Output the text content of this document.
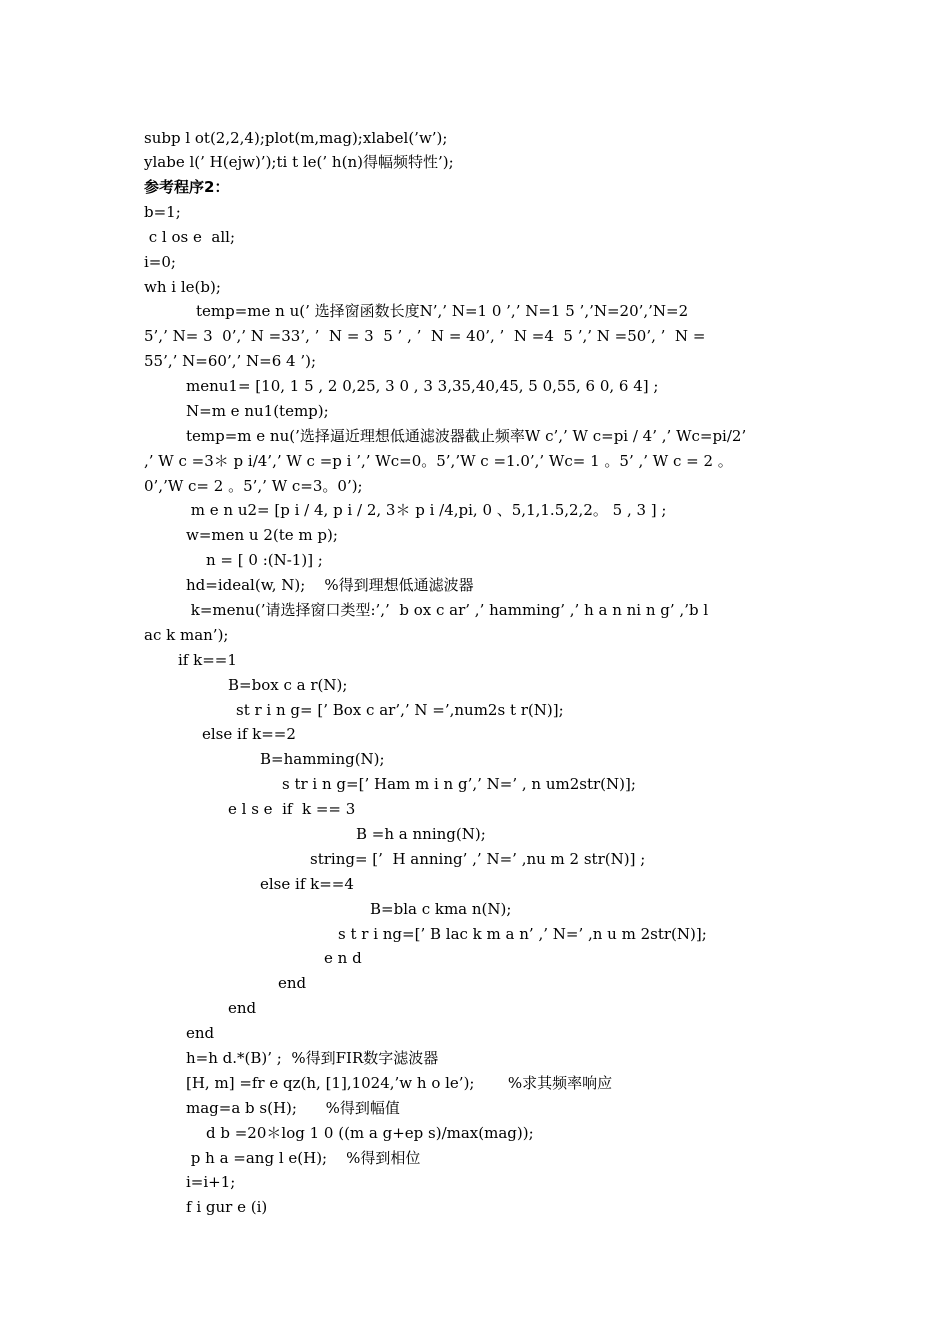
subp l ot(2,2,4);﻿plot(m,mag);﻿xlabel(’w’);
ylabe l(’ H(ejw)’);﻿ti t le(’ h(n)得幅频特性’);
参考程序2：
b=1;
c l os e  all;
i=0;
wh i le(b);
temp=me n u(’ 选择窗函数长度N’,’ N=1 0 ’,’ N=1 5 ’,’N=20’,’N=2
5’,’ N= 3  0’,’ N =33’, ’  N = 3  5 ’ , ’  N = 40’, ’  N =4  5 ’,’ N =50’, ’  N =
55’,’ N=60’,’ N=6 4 ’);
menu1= [10, 1 5 , 2 0,25, 3 0 , 3 3,35,40,45, 5 0,55, 6 0, 6 4] ;
N=m e nu1(temp);
temp=m e nu(’选择逼近理想低通滤波器截止频率W c’,’ W c=pi / 4’ ,’ Wc=pi/2’
,’ W c =3＊ p i/4’,’ W c =p i ’,’ Wc=0。5’,’W c =1.0’,’ Wc= 1 。5’ ,’ W c = 2 。
0’,’W c= 2 。5’,’ W c=3。0’);
m e n u2= [p i / 4, p i / 2, 3＊ p i /4,pi, 0 、5,1,1.5,2,2。 5 , 3 ] ;
w=men u 2(te m p);
n = [ 0 :(N-1)] ;
hd=ideal(w, N);    %得到理想低通滤波器
k=menu(’请选择窗口类型:’,’  b ox c ar’ ,’ hamming’ ,’ h a n ni n g’ ,’b l
ac k man’);
if k==1
B=box c a r(N);
st r i n g= [’ Box c ar’,’ N =’,num2s t r(N)];
else if k==2
B=hamming(N);
s tr i n g=[’ Ham m i n g’,’ N=’ , n um2str(N)];
e l s e  if  k == 3
B =h a nning(N);
string= [’  H anning’ ,’ N=’ ,nu m 2 str(N)] ;
else if k==4
B=bla c kma n(N);
s t r i ng=[’ B lac k m a n’ ,’ N=’ ,n u m 2str(N)];
e n d
end
end
end
h=h d.*(B)’ ;  %得到FIR数字滤波器
[H, m] =fr e qz(h, [1],1024,’w h o le’);       %求其频率响应
mag=a b s(H);      %得到幅值
d b =20＊log 1 0 ((m a g+ep s)/max(mag));
p h a =ang l e(H);    %得到相位
i=i+1;
f i gur e (i)
